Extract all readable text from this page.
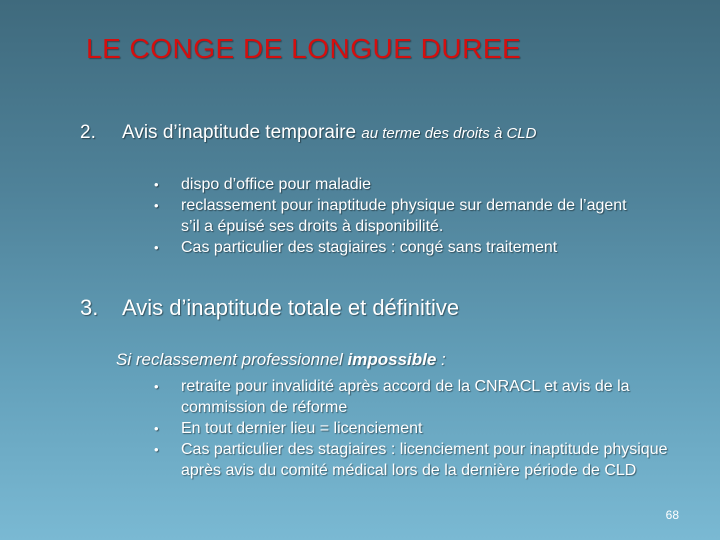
LE CONGE DE LONGUE DUREE
2. Avis d’inaptitude temporaire au terme des droits à CLD
• dispo d’office pour maladie
• reclassement pour inaptitude physique sur demande de l’agent s’il a épuisé ses droits à disponibilité.
• Cas particulier des stagiaires : congé sans traitement
3. Avis d’inaptitude totale et définitive
Si reclassement professionnel impossible :
• retraite pour invalidité après accord de la CNRACL et avis de la commission de réforme
• En tout dernier lieu = licenciement
• Cas particulier des stagiaires : licenciement pour inaptitude physique après avis du comité médical lors de la dernière période de CLD
68
